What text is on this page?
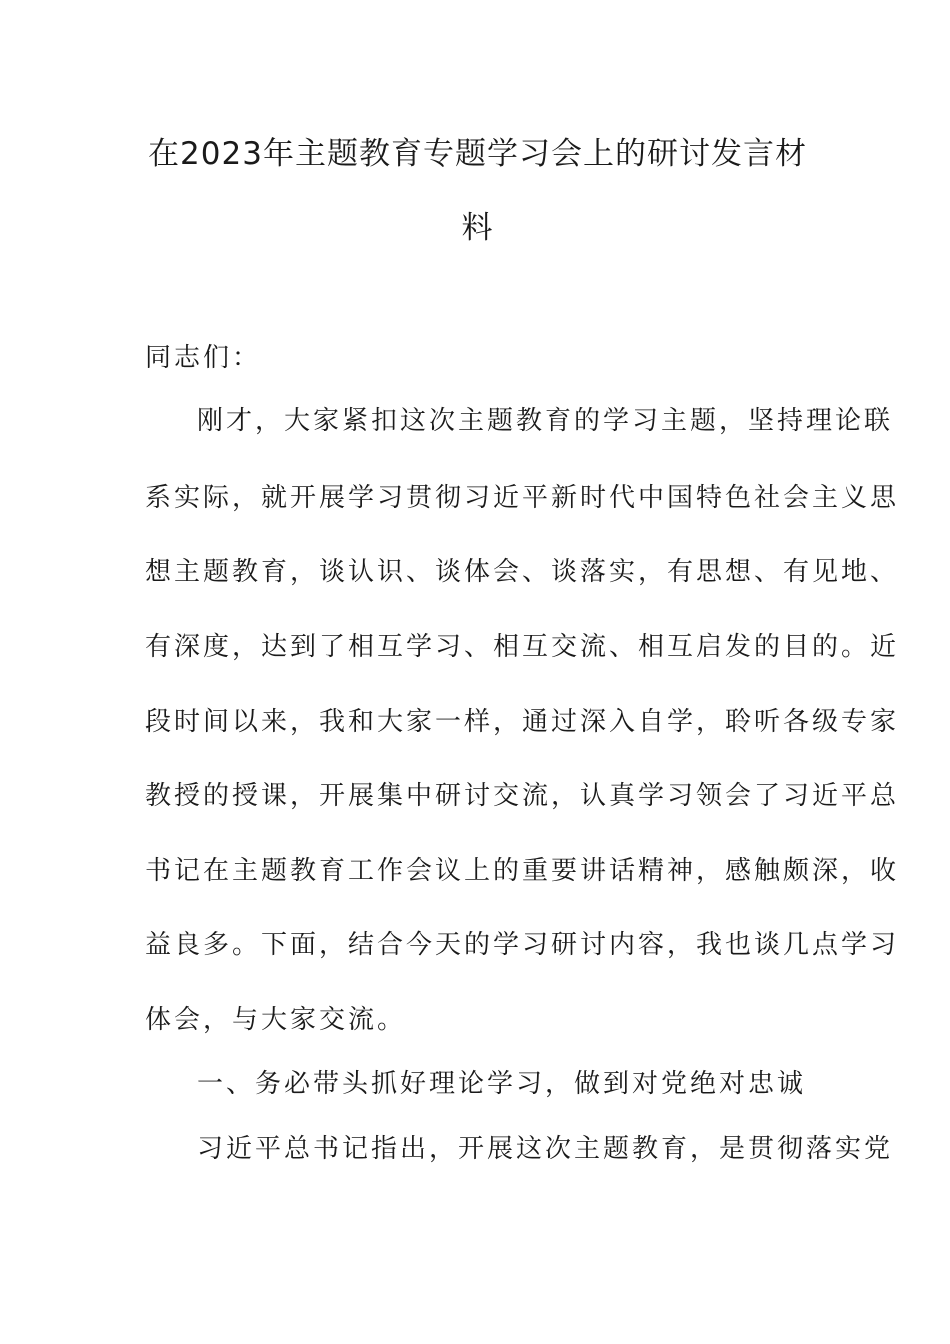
在2023年主题教育专题学习会上的研讨发言材
料

同志们：

刚才，大家紧扣这次主题教育的学习主题，坚持理论联

系实际，就开展学习贯彻习近平新时代中国特色社会主义思

想主题教育，谈认识、谈体会、谈落实，有思想、有见地、

有深度，达到了相互学习、相互交流、相互启发的目的。近

段时间以来，我和大家一样，通过深入自学，聆听各级专家

教授的授课，开展集中研讨交流，认真学习领会了习近平总

书记在主题教育工作会议上的重要讲话精神，感触颇深，收

益良多。下面，结合今天的学习研讨内容，我也谈几点学习

体会，与大家交流。

一、务必带头抓好理论学习，做到对党绝对忠诚

习近平总书记指出，开展这次主题教育，是贯彻落实党
